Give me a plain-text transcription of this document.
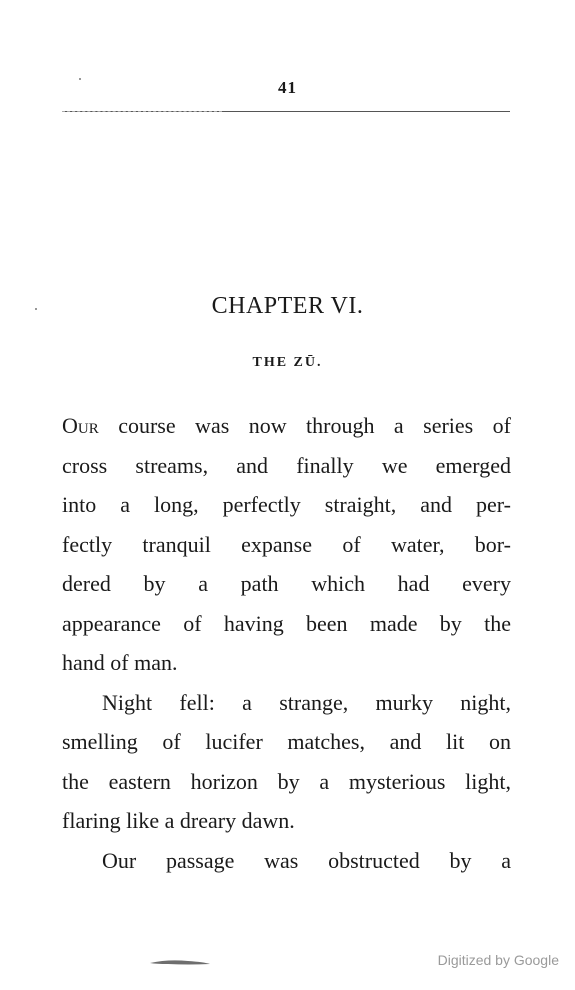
41
CHAPTER VI.
THE ZŪ.
Our course was now through a series of
cross streams, and finally we emerged
into a long, perfectly straight, and per-
fectly tranquil expanse of water, bor-
dered by a path which had every
appearance of having been made by the
hand of man.
Night fell: a strange, murky night,
smelling of lucifer matches, and lit on
the eastern horizon by a mysterious light,
flaring like a dreary dawn.
Our passage was obstructed by a
Digitized by Google
